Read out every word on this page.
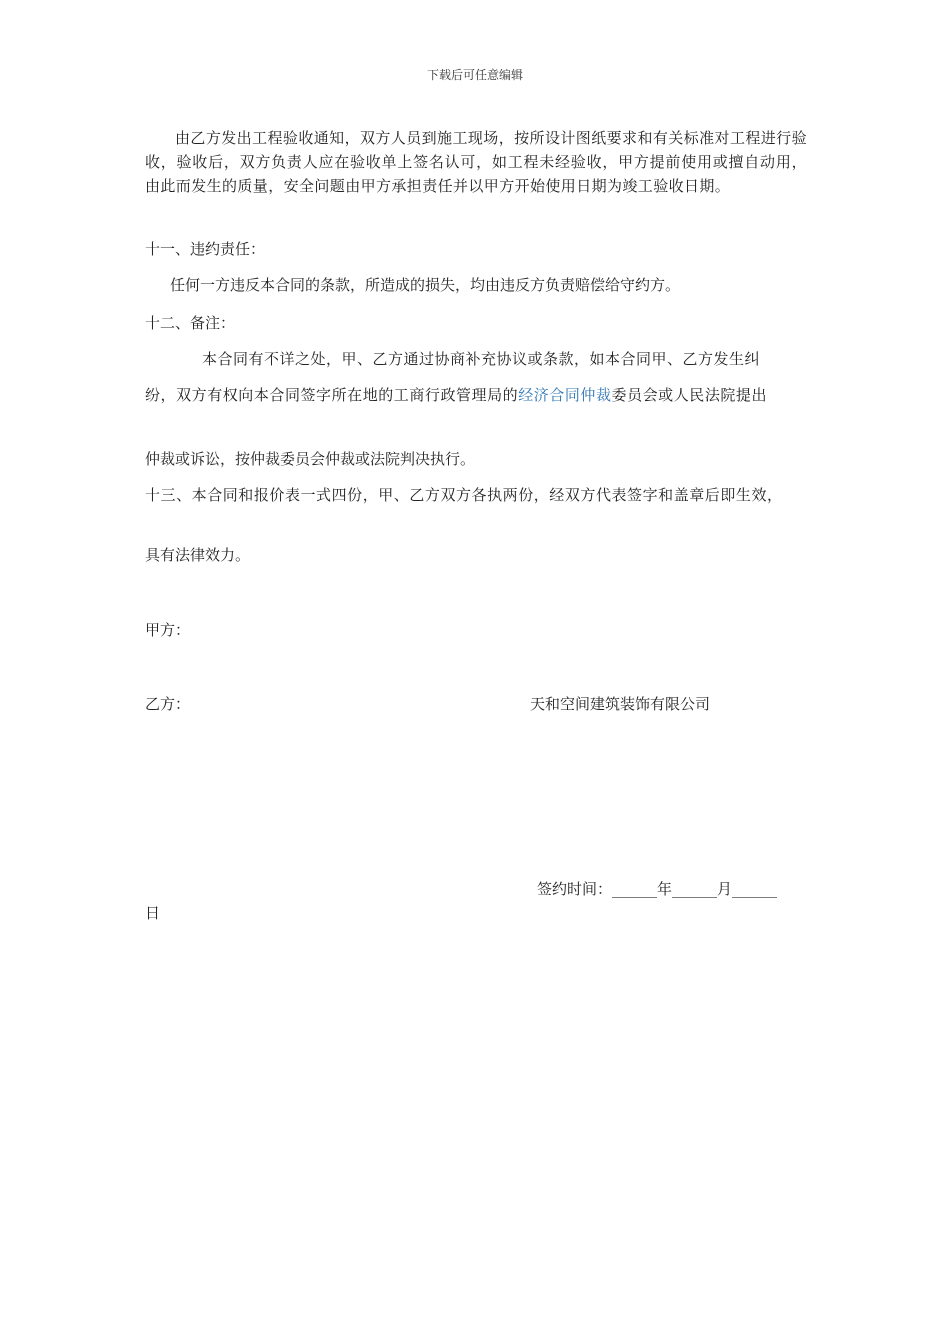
下载后可任意编辑
由乙方发出工程验收通知，双方人员到施工现场，按所设计图纸要求和有关标准对工程进行验收，验收后，双方负责人应在验收单上签名认可，如工程未经验收，甲方提前使用或擅自动用，由此而发生的质量，安全问题由甲方承担责任并以甲方开始使用日期为竣工验收日期。
十一、违约责任：
任何一方违反本合同的条款，所造成的损失，均由违反方负责赔偿给守约方。
十二、备注：
本合同有不详之处，甲、乙方通过协商补充协议或条款，如本合同甲、乙方发生纠
纷，双方有权向本合同签字所在地的工商行政管理局的经济合同仲裁委员会或人民法院提出
仲裁或诉讼，按仲裁委员会仲裁或法院判决执行。
十三、本合同和报价表一式四份，甲、乙方双方各执两份，经双方代表签字和盖章后即生效，
具有法律效力。
甲方：
乙方：	天和空间建筑装饰有限公司
签约时间：______年______月______
日
